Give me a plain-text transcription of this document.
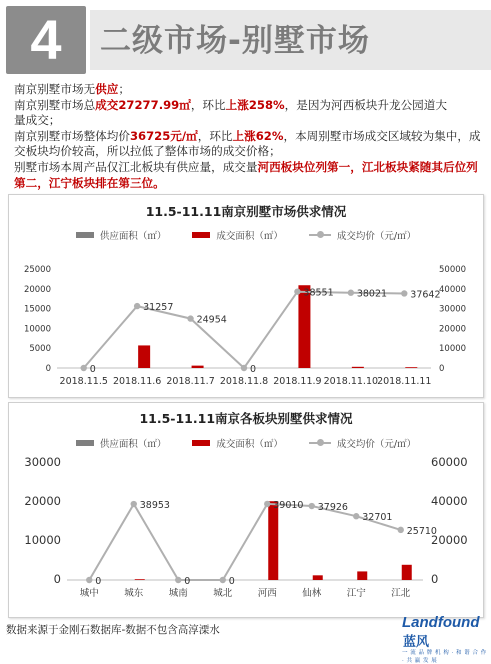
4	二级市场-别墅市场

南京别墅市场无供应；

南京别墅市场总成交27277.99㎡，环比上涨258%，是因为河西板块升龙公园道大

量成交；

南京别墅市场整体均价36725元/㎡，环比上涨62%，本周别墅市场成交区域较为集中，成交板块均价较高，所以拉低了整体市场的成交价格；

别墅市场本周产品仅江北板块有供应量，成交量河西板块位列第一，江北板块紧随其后位列第二，江宁板块排在第三位。

11.5-11.11南京别墅市场供求情况
供应面积（㎡）	成交面积（㎡）	成交均价（元/㎡）
0
5000
10000
15000
20000
25000
0
10000
20000
30000
40000
50000
2018.11.5 2018.11.6 2018.11.7 2018.11.8 2018.11.9 2018.11.10 2018.11.11
0
31257
24954
0
38551 38021 37642
11.5-11.11南京各板块别墅供求情况
供应面积（㎡）	成交面积（㎡）	成交均价（元/㎡）
0
10000
20000
30000
0
20000
40000
60000
城中	城东	城南	城北	河西	仙林	江宁	江北
0
38953
0	0
39010 37926
32701
25710
数据来源于金刚石数据库-数据不包含高淳溧水	Landfound蓝风
一 流 品 牌 机 构 · 和 谐 合 作 · 共 赢 发 展
